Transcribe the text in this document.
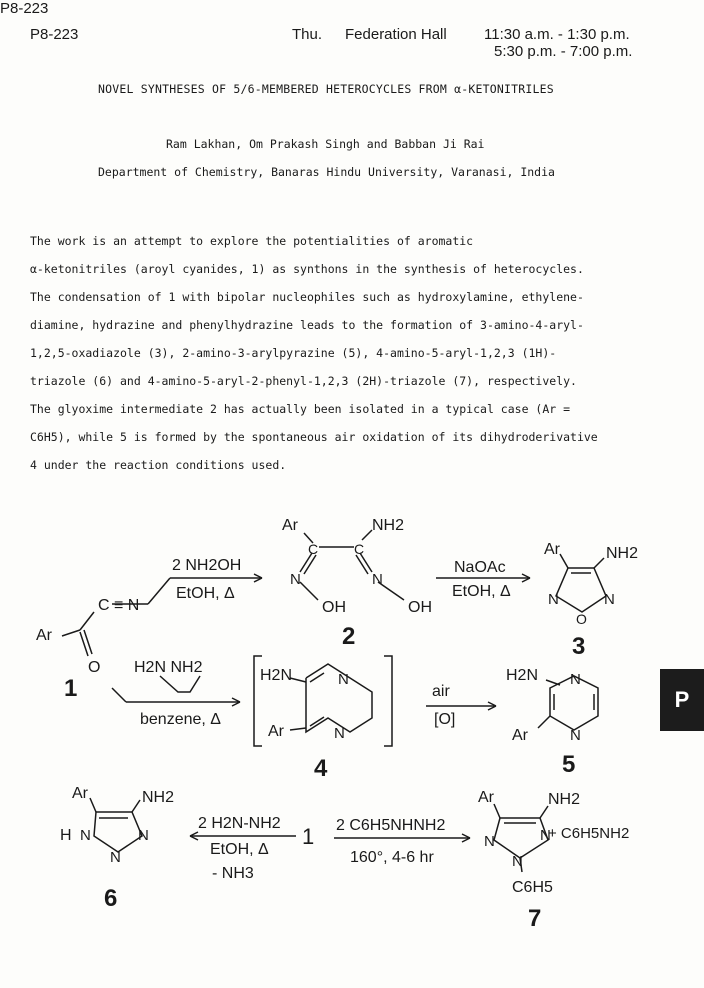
P8-223
P8-223	Thu. Federation Hall 11:30 a.m. - 1:30 p.m.
5:30 p.m. - 7:00 p.m.
NOVEL SYNTHESES OF 5/6-MEMBERED HETEROCYCLES FROM α-KETONITRILES
Ram Lakhan, Om Prakash Singh and Babban Ji Rai
Department of Chemistry, Banaras Hindu University, Varanasi, India
The work is an attempt to explore the potentialities of aromatic
α-ketonitriles (aroyl cyanides, 1) as synthons in the synthesis of heterocycles.
The condensation of 1 with bipolar nucleophiles such as hydroxylamine, ethylene-
diamine, hydrazine and phenylhydrazine leads to the formation of 3-amino-4-aryl-
1,2,5-oxadiazole (3), 2-amino-3-arylpyrazine (5), 4-amino-5-aryl-1,2,3 (1H)-
triazole (6) and 4-amino-5-aryl-2-phenyl-1,2,3 (2H)-triazole (7), respectively.
The glyoxime intermediate 2 has actually been isolated in a typical case (Ar =
C6H5), while 5 is formed by the spontaneous air oxidation of its dihydroderivative
4 under the reaction conditions used.
P
Ar
C ≡ N
O
2 NH2OH
EtOH, Δ
Ar	NH2
C	C
N	N
OH	OH
NaOAc
EtOH, Δ
Ar	NH2
N	N
O
H2N NH2
benzene, Δ
H2N	N
Ar	N
air
[O]
H2N N
Ar	N
Ar	NH2
H N
N
N
2 H2N-NH2
EtOH, Δ
- NH3
1 2 C6H5NHNH2
160°, 4-6 hr
Ar	NH2
N	N
N
+ C6H5NH2
C6H5
1
2	3
4	5
6
7
